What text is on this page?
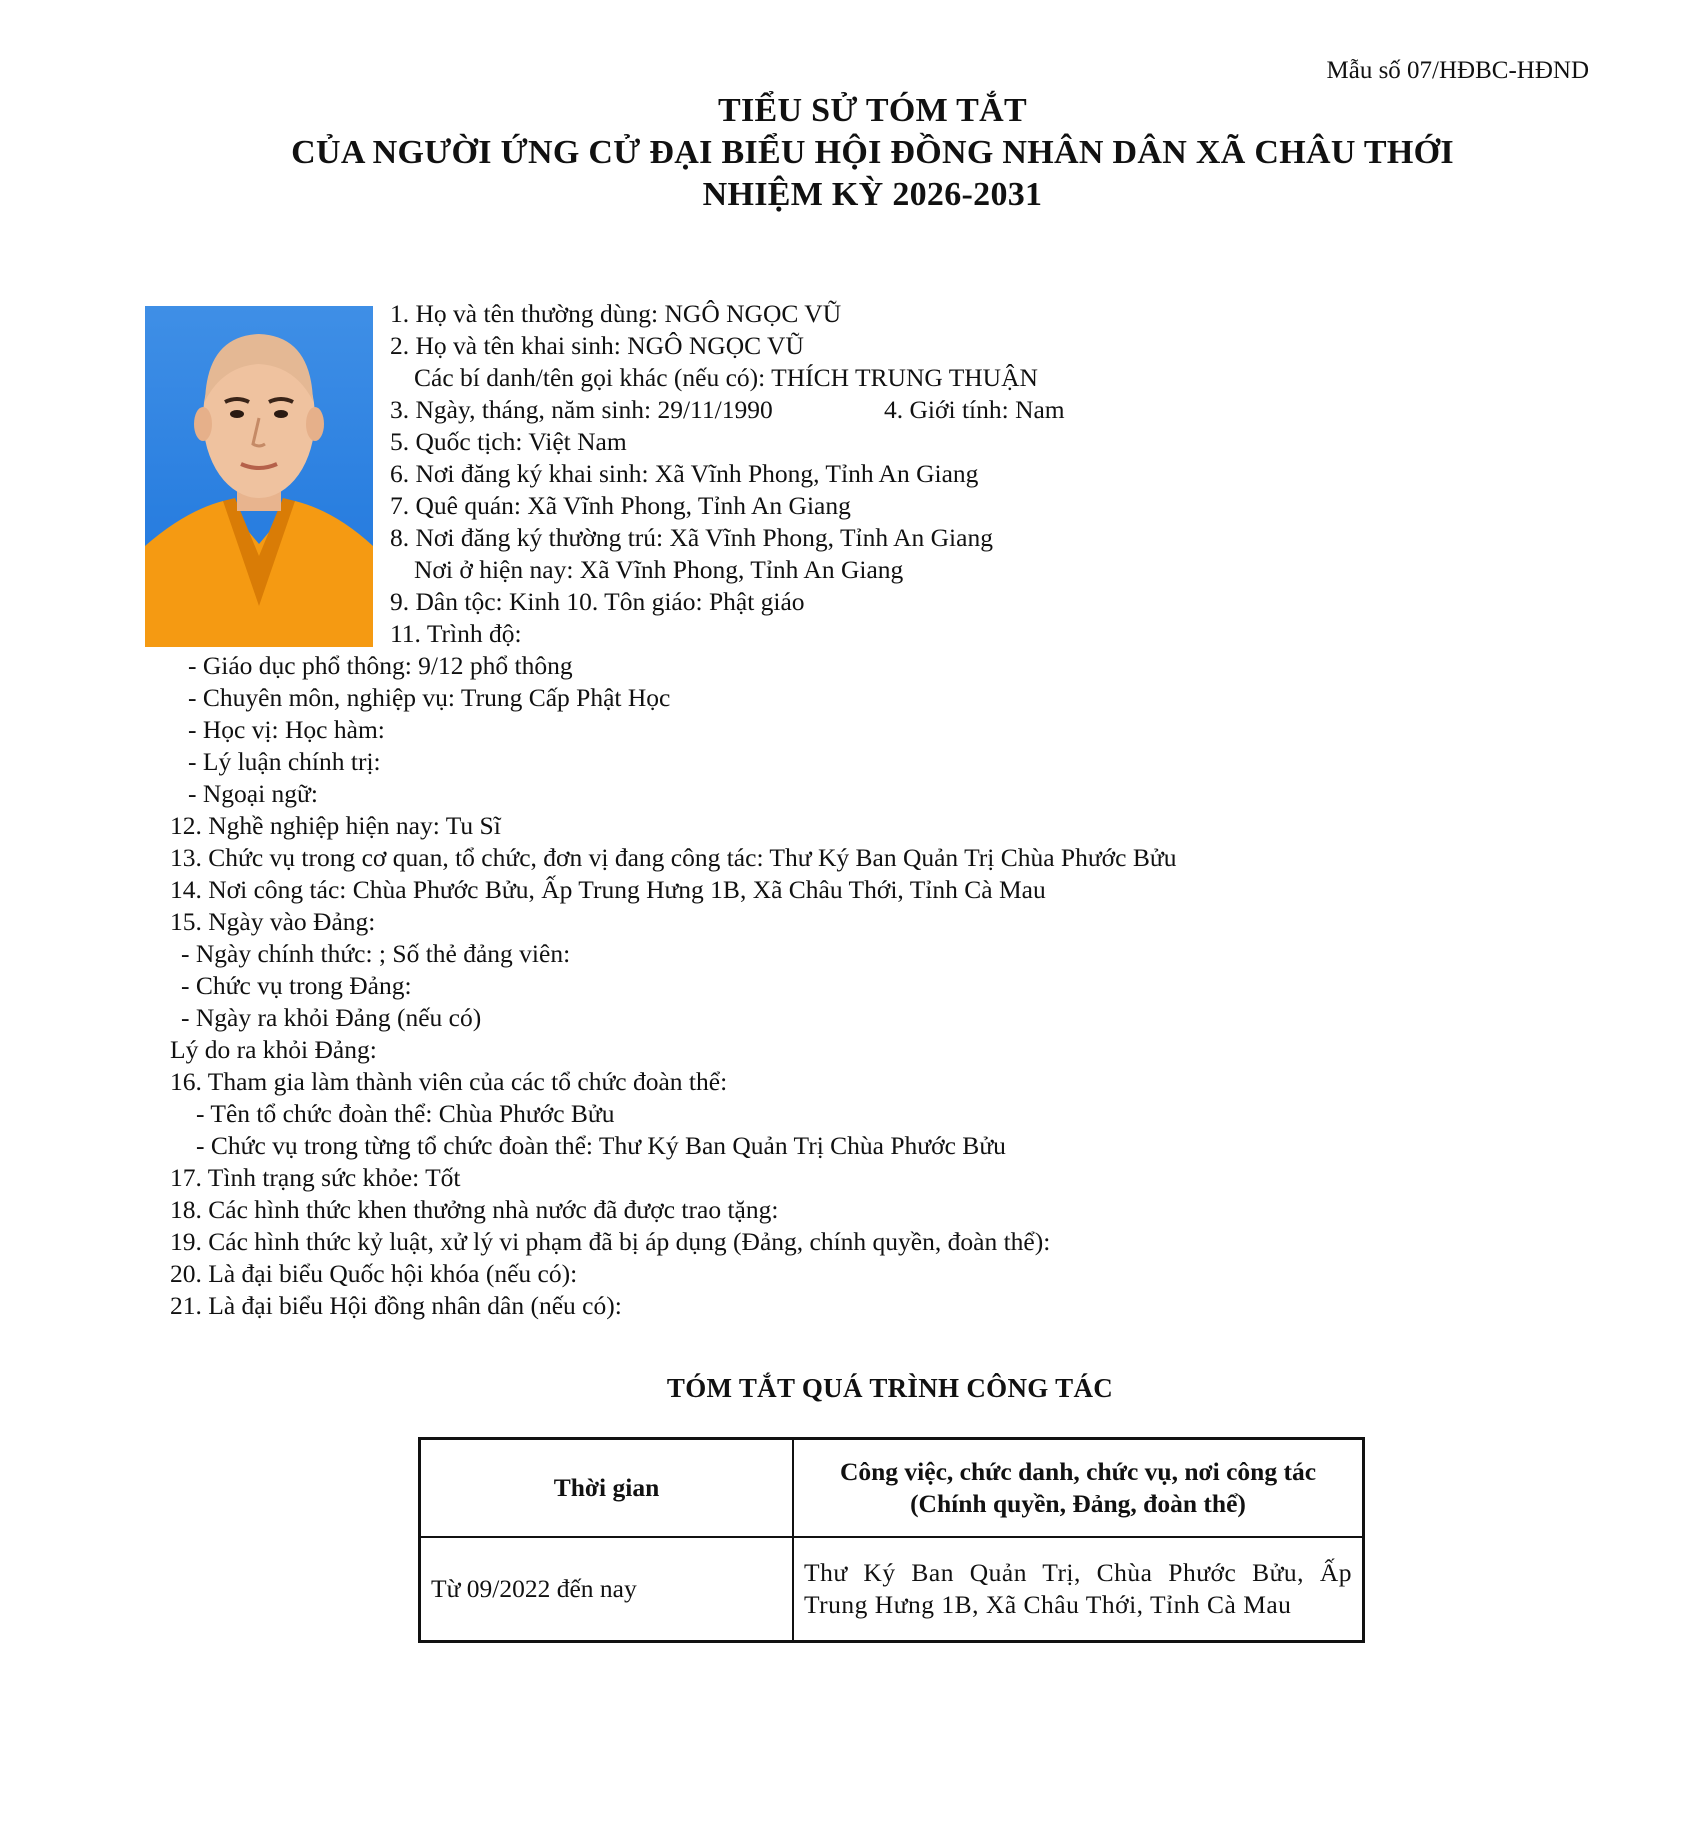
Mẫu số 07/HĐBC-HĐND
TIỂU SỬ TÓM TẮT
CỦA NGƯỜI ỨNG CỬ ĐẠI BIỂU HỘI ĐỒNG NHÂN DÂN XÃ CHÂU THỚI
NHIỆM KỲ 2026-2031
1. Họ và tên thường dùng: NGÔ NGỌC VŨ
2. Họ và tên khai sinh: NGÔ NGỌC VŨ
Các bí danh/tên gọi khác (nếu có): THÍCH TRUNG THUẬN
3. Ngày, tháng, năm sinh: 29/11/1990	4. Giới tính: Nam
5. Quốc tịch: Việt Nam
6. Nơi đăng ký khai sinh: Xã Vĩnh Phong, Tỉnh An Giang
7. Quê quán: Xã Vĩnh Phong, Tỉnh An Giang
8. Nơi đăng ký thường trú: Xã Vĩnh Phong, Tỉnh An Giang
Nơi ở hiện nay: Xã Vĩnh Phong, Tỉnh An Giang
9. Dân tộc: Kinh 10. Tôn giáo: Phật giáo
11. Trình độ:
- Giáo dục phổ thông: 9/12 phổ thông
- Chuyên môn, nghiệp vụ: Trung Cấp Phật Học
- Học vị: Học hàm:
- Lý luận chính trị:
- Ngoại ngữ:
12. Nghề nghiệp hiện nay: Tu Sĩ
13. Chức vụ trong cơ quan, tổ chức, đơn vị đang công tác: Thư Ký Ban Quản Trị Chùa Phước Bửu
14. Nơi công tác: Chùa Phước Bửu, Ấp Trung Hưng 1B, Xã Châu Thới, Tỉnh Cà Mau
15. Ngày vào Đảng:
- Ngày chính thức: ; Số thẻ đảng viên:
- Chức vụ trong Đảng:
- Ngày ra khỏi Đảng (nếu có)
Lý do ra khỏi Đảng:
16. Tham gia làm thành viên của các tổ chức đoàn thể:
- Tên tổ chức đoàn thể: Chùa Phước Bửu
- Chức vụ trong từng tổ chức đoàn thể: Thư Ký Ban Quản Trị Chùa Phước Bửu
17. Tình trạng sức khỏe: Tốt
18. Các hình thức khen thưởng nhà nước đã được trao tặng:
19. Các hình thức kỷ luật, xử lý vi phạm đã bị áp dụng (Đảng, chính quyền, đoàn thể):
20. Là đại biểu Quốc hội khóa (nếu có):
21. Là đại biểu Hội đồng nhân dân (nếu có):
TÓM TẮT QUÁ TRÌNH CÔNG TÁC
Thời gian	Công việc, chức danh, chức vụ, nơi công tác
(Chính quyền, Đảng, đoàn thể)

Từ 09/2022 đến nay	Thư Ký Ban Quản Trị, Chùa Phước Bửu, Ấp
Trung Hưng 1B, Xã Châu Thới, Tỉnh Cà Mau
